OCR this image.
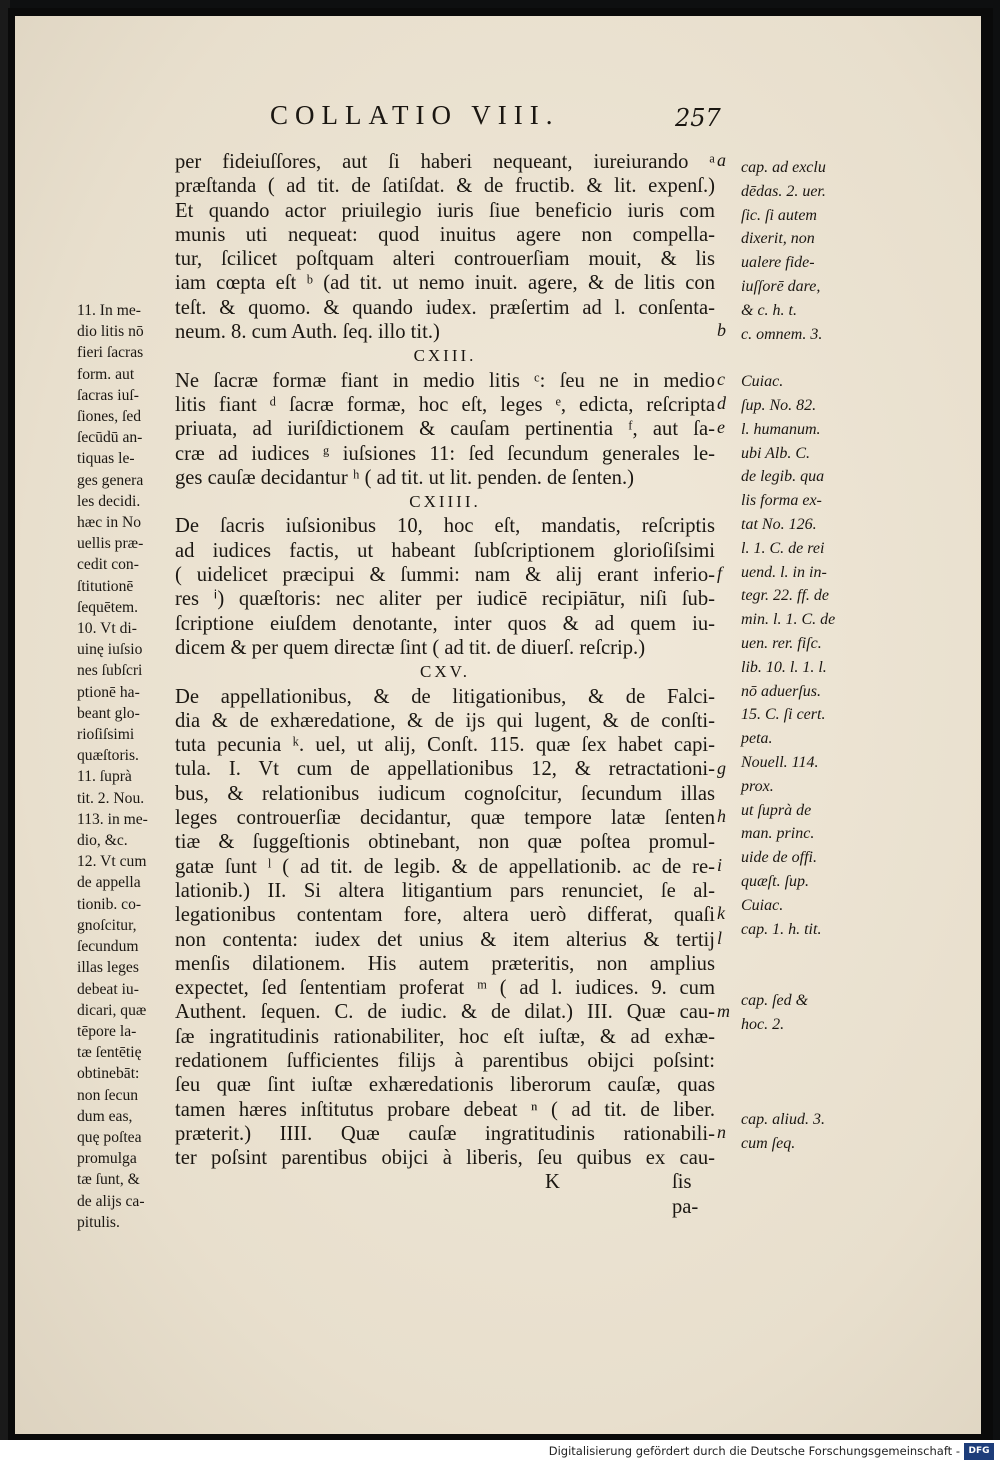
COLLATIO VIII.	257
11. In me-
dio litis nō
fieri ſacras
form. aut
ſacras iuſ-
ſiones, ſed
ſecūdū an-
tiquas le-
ges genera
les decidi.
hæc in No
uellis præ-
cedit con-
ſtitutionē
ſequētem.
10. Vt di-
uinę iuſsio
nes ſubſcri
ptionē ha-
beant glo-
rioſiſsimi
quæſtoris.
11. ſuprà
tit. 2. Nou.
113. in me-
dio, &c.
12. Vt cum
de appella
tionib. co-
gnoſcitur,
ſecundum
illas leges
debeat iu-
dicari, quæ
tēpore la-
tæ ſentētię
obtinebāt:
non ſecun
dum eas,
quę poſtea
promulga
tæ ſunt, &
de alijs ca-
pitulis.
per fideiuſſores, aut ſi haberi nequeant, iureiurando ᵃ
præſtanda ( ad tit. de ſatiſdat. & de fructib. & lit. expenſ.)
Et quando actor priuilegio iuris ſiue beneficio iuris com
munis uti nequeat: quod inuitus agere non compella-
tur, ſcilicet poſtquam alteri controuerſiam mouit, & lis
iam cœpta eſt ᵇ (ad tit. ut nemo inuit. agere, & de litis con
teſt. & quomo. & quando iudex. præſertim ad l. conſenta-
neum. 8. cum Auth. ſeq. illo tit.)
CXIII.
Ne ſacræ formæ fiant in medio litis ᶜ: ſeu ne in medio
litis fiant ᵈ ſacræ formæ, hoc eſt, leges ᵉ, edicta, reſcripta
priuata, ad iuriſdictionem & cauſam pertinentia ᶠ, aut ſa-
cræ ad iudices ᵍ iuſsiones 11: ſed ſecundum generales le-
ges cauſæ decidantur ʰ ( ad tit. ut lit. penden. de ſenten.)
CXIIII.
De ſacris iuſsionibus 10, hoc eſt, mandatis, reſcriptis
ad iudices factis, ut habeant ſubſcriptionem glorioſiſsimi
( uidelicet præcipui & ſummi: nam & alij erant inferio-
res ⁱ) quæſtoris: nec aliter per iudicē recipiātur, niſi ſub-
ſcriptione eiuſdem denotante, inter quos & ad quem iu-
dicem & per quem directæ ſint ( ad tit. de diuerſ. reſcrip.)
CXV.
De appellationibus, & de litigationibus, & de Falci-
dia & de exhæredatione, & de ijs qui lugent, & de conſti-
tuta pecunia ᵏ. uel, ut alij, Conſt. 115. quæ ſex habet capi-
tula. I. Vt cum de appellationibus 12, & retractationi-
bus, & relationibus iudicum cognoſcitur, ſecundum illas
leges controuerſiæ decidantur, quæ tempore latæ ſenten
tiæ & ſuggeſtionis obtinebant, non quæ poſtea promul-
gatæ ſunt ˡ ( ad tit. de legib. & de appellationib. ac de re-
lationib.) II. Si altera litigantium pars renunciet, ſe al-
legationibus contentam fore, altera uerò differat, quaſi
non contenta: iudex det unius & item alterius & tertij
menſis dilationem. His autem præteritis, non amplius
expectet, ſed ſententiam proferat ᵐ ( ad l. iudices. 9. cum
Authent. ſequen. C. de iudic. & de dilat.) III. Quæ cau-
ſæ ingratitudinis rationabiliter, hoc eſt iuſtæ, & ad exhæ-
redationem ſufficientes filijs à parentibus obijci poſsint:
ſeu quæ ſint iuſtæ exhæredationis liberorum cauſæ, quas
tamen hæres inſtitutus probare debeat ⁿ ( ad tit. de liber.
præterit.) IIII. Quæ cauſæ ingratitudinis rationabili-
ter poſsint parentibus obijci à liberis, ſeu quibus ex cau-
K	ſis pa-
a
b
c
d
e
f
g
h
i
k
l
m
n
cap. ad exclu
dēdas. 2. uer.
ſic. ſi autem
dixerit, non
ualere fide-
iuſſorē dare,
& c. h. t.
c. omnem. 3.
Cuiac.
ſup. No. 82.
l. humanum.
ubi Alb. C.
de legib. qua
lis forma ex-
tat No. 126.
l. 1. C. de rei
uend. l. in in-
tegr. 22. ff. de
min. l. 1. C. de
uen. rer. fiſc.
lib. 10. l. 1. l.
nō aduerſus.
15. C. ſi cert.
peta.
Nouell. 114.
prox.
ut ſuprà de
man. princ.
uide de offi.
quæſt. ſup.
Cuiac.
cap. 1. h. tit.
cap. ſed &
hoc. 2.
cap. aliud. 3.
cum ſeq.
Digitalisierung gefördert durch die Deutsche Forschungsgemeinschaft - DFG
